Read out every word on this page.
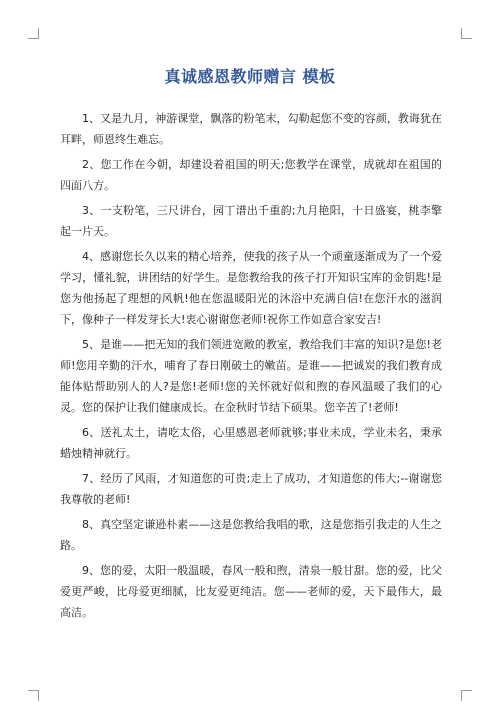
真诚感恩教师赠言 模板

1、又是九月，神游课堂，飘落的粉笔末，勾勒起您不变的容颜，教诲犹在耳畔，师恩终生难忘。

2、您工作在今朝，却建设着祖国的明天;您教学在课堂，成就却在祖国的四面八方。

3、一支粉笔，三尺讲台，园丁谱出千重韵;九月艳阳，十日盛宴，桃李擎起一片天。

4、感谢您长久以来的精心培养，使我的孩子从一个顽童逐渐成为了一个爱学习，懂礼貌，讲团结的好学生。是您教给我的孩子打开知识宝库的金钥匙!是您为他扬起了理想的风帆!他在您温暖阳光的沐浴中充满自信!在您汗水的滋润下，像种子一样发芽长大!衷心谢谢您老师!祝你工作如意合家安吉!

5、是谁——把无知的我们领进宽敞的教室，教给我们丰富的知识?是您!老师!您用辛勤的汗水，哺育了春日刚破土的嫩苗。是谁——把诚炭的我们教育成能体贴帮助别人的人?是您!老师!您的关怀就好似和煦的春风温暖了我们的心灵。您的保护让我们健康成长。在金秋时节结下硕果。您辛苦了!老师!

6、送礼太土，请吃太俗，心里感恩老师就够;事业未成，学业未名，秉承蜡烛精神就行。

7、经历了风雨，才知道您的可贵;走上了成功，才知道您的伟大;--谢谢您我尊敬的老师!

8、真空坚定谦逊朴素——这是您教给我唱的歌，这是您指引我走的人生之路。

9、您的爱，太阳一般温暖，春风一般和煦，清泉一般甘甜。您的爱，比父爱更严峻，比母爱更细腻，比友爱更纯洁。您——老师的爱，天下最伟大，最高洁。
